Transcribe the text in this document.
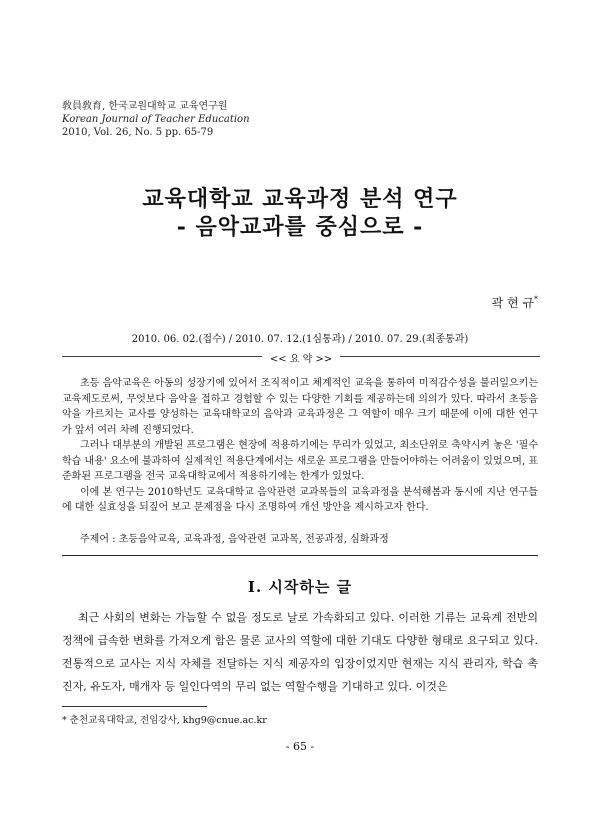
敎員敎育, 한국교원대학교 교육연구원
Korean Journal of Teacher Education
2010, Vol. 26, No. 5 pp. 65-79
교육대학교 교육과정 분석 연구
- 음악교과를 중심으로 -
곽 현 규*
2010. 06. 02.(접수) / 2010. 07. 12.(1심통과) / 2010. 07. 29.(최종통과)
<< 요 약 >>

초등 음악교육은 아동의 성장기에 있어서 조직적이고 체계적인 교육을 통하여 미적감수성을 불러일으키는 교육제도로써, 무엇보다 음악을 접하고 경험할 수 있는 다양한 기회를 제공하는데 의의가 있다. 따라서 초등음악을 가르치는 교사를 양성하는 교육대학교의 음악과 교육과정은 그 역할이 매우 크기 때문에 이에 대한 연구가 앞서 여러 차례 진행되었다.

그러나 대부분의 개발된 프로그램은 현장에 적용하기에는 무리가 있었고, 최소단위로 축약시켜 놓은 '필수학습 내용' 요소에 불과하여 실제적인 적용단계에서는 새로운 프로그램을 만들어야하는 어려움이 있었으며, 표준화된 프로그램을 전국 교육대학교에서 적용하기에는 한계가 있었다.

이에 본 연구는 2010학년도 교육대학교 음악관련 교과목들의 교육과정을 분석해봄과 동시에 지난 연구들에 대한 실효성을 되짚어 보고 문제점을 다시 조명하여 개선 방안을 제시하고자 한다.

주제어 : 초등음악교육, 교육과정, 음악관련 교과목, 전공과정, 심화과정
I. 시작하는 글

최근 사회의 변화는 가늠할 수 없을 정도로 날로 가속화되고 있다. 이러한 기류는 교육계 전반의 정책에 급속한 변화를 가져오게 함은 물론 교사의 역할에 대한 기대도 다양한 형태로 요구되고 있다. 전통적으로 교사는 지식 자체를 전달하는 지식 제공자의 입장이었지만 현재는 지식 관리자, 학습 촉진자, 유도자, 매개자 등 일인다역의 무리 없는 역할수행을 기대하고 있다. 이것은

* 춘천교육대학교, 전임강사, khg9@cnue.ac.kr
- 65 -
